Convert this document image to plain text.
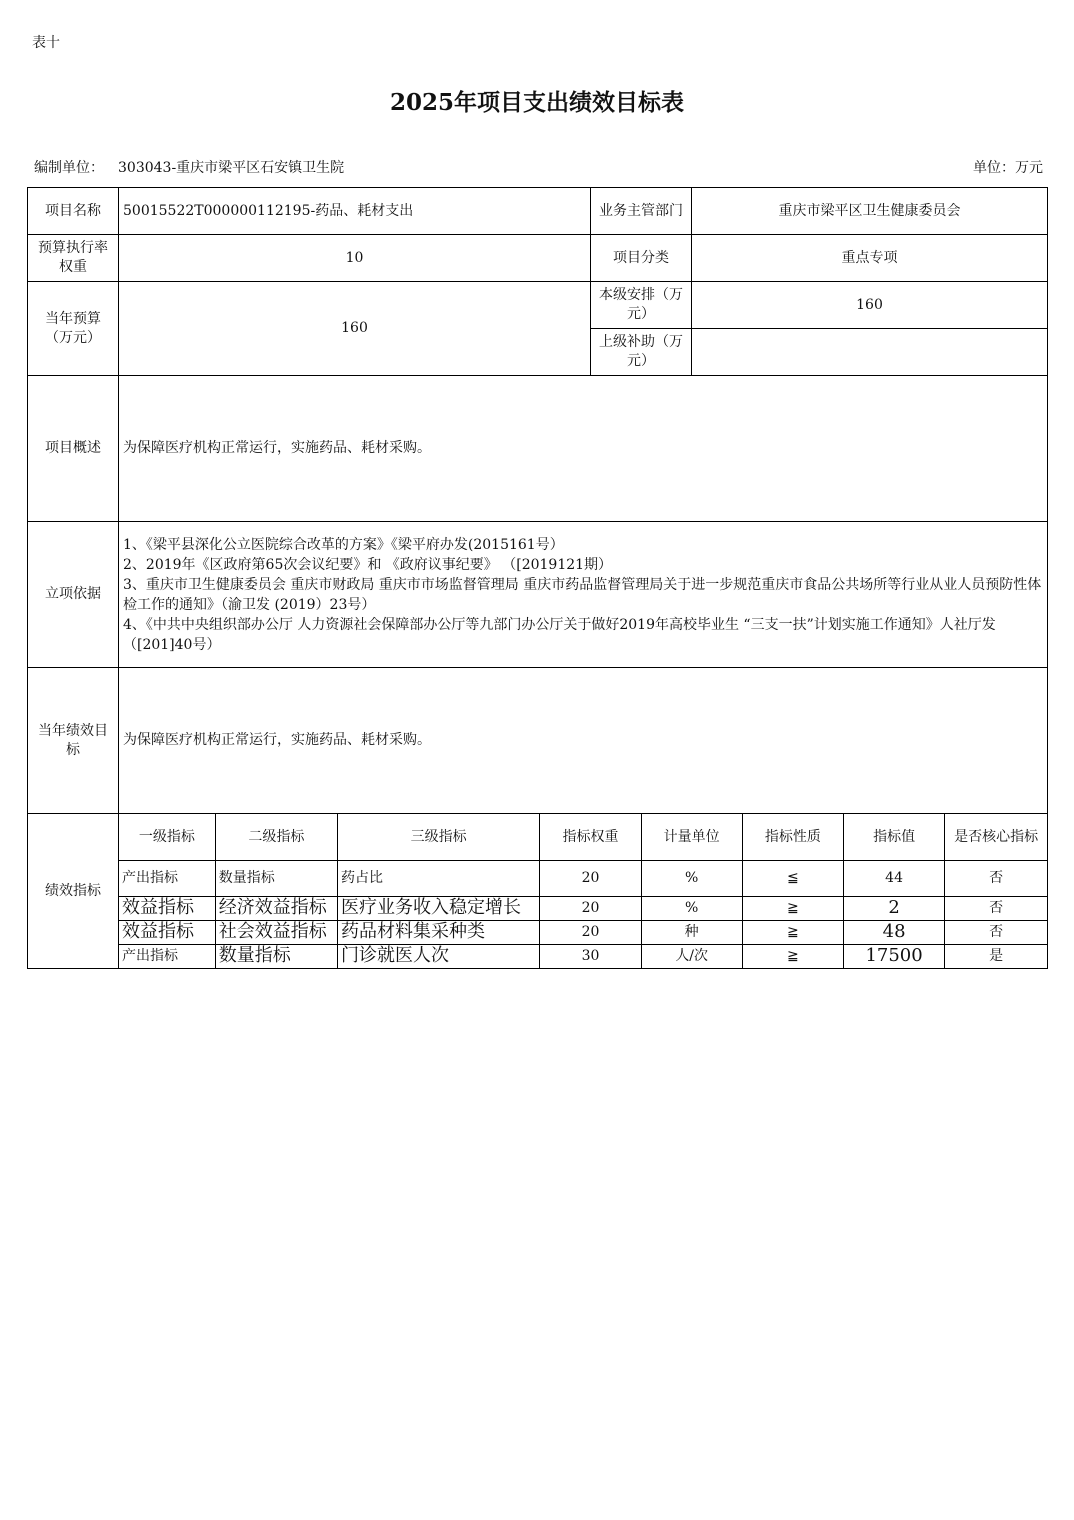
表十
2025年项目支出绩效目标表
编制单位： 303043-重庆市梁平区石安镇卫生院	单位：万元
项目名称	50015522T000000112195-药品、耗材支出	业务主管部门	重庆市梁平区卫生健康委员会
预算执行率权重	10	项目分类	重点专项
当年预算（万元）	160	本级安排（万元）	160
上级补助（万元）	
项目概述	为保障医疗机构正常运行，实施药品、耗材采购。
立项依据	
1、《梁平县深化公立医院综合改革的方案》《梁平府办发(2015161号）
2、2019年《区政府第65次会议纪要》和 《政府议事纪要》 （[2019121期）
3、重庆市卫生健康委员会 重庆市财政局 重庆市市场监督管理局 重庆市药品监督管理局关于进一步规范重庆市食品公共场所等行业从业人员预防性体检工作的通知》（渝卫发 (2019）23号）
4、《中共中央组织部办公厅 人力资源社会保障部办公厅等九部门办公厅关于做好2019年高校毕业生 “三支一扶”计划实施工作通知》人社厅发（[201]40号）

当年绩效目标	为保障医疗机构正常运行，实施药品、耗材采购。
绩效指标	
一级指标	二级指标	三级指标	指标权重	计量单位	指标性质	指标值	是否核心指标
产出指标	数量指标	药占比	20	%	≦	44	否
效益指标	经济效益指标	医疗业务收入稳定增长	20	%	≧	2	否
效益指标	社会效益指标	药品材料集采种类	20	种	≧	48	否
产出指标	数量指标	门诊就医人次	30	人/次	≧	17500	是
